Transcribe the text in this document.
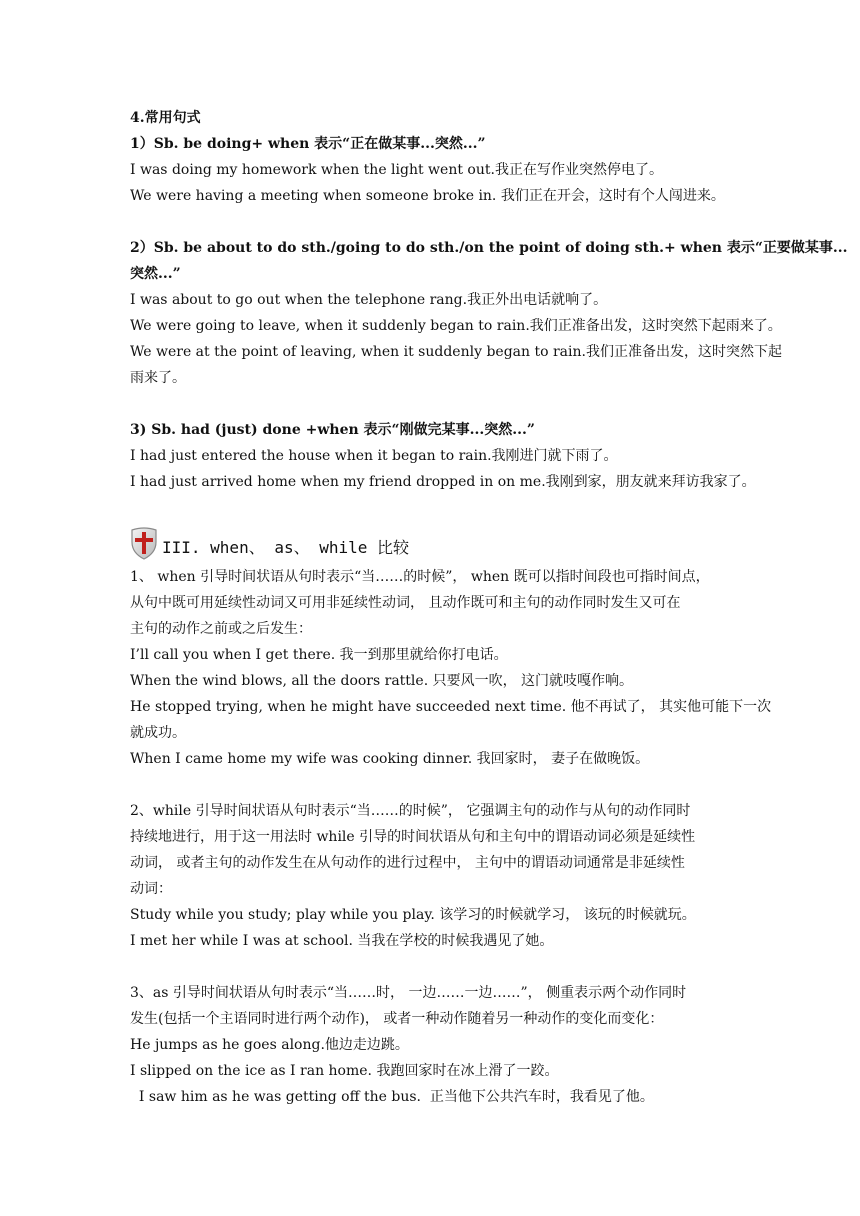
4.常用句式
1）Sb. be doing+ when 表示“正在做某事...突然...”
I was doing my homework when the light went out.我正在写作业突然停电了。
We were having a meeting when someone broke in. 我们正在开会，这时有个人闯进来。
2）Sb. be about to do sth./going to do sth./on the point of doing sth.+ when 表示“正要做某事...
突然...”
I was about to go out when the telephone rang.我正外出电话就响了。
We were going to leave, when it suddenly began to rain.我们正准备出发，这时突然下起雨来了。
We were at the point of leaving, when it suddenly began to rain.我们正准备出发，这时突然下起
雨来了。
3) Sb. had (just) done +when 表示“刚做完某事...突然...”
I had just entered the house when it began to rain.我刚进门就下雨了。
I had just arrived home when my friend dropped in on me.我刚到家，朋友就来拜访我家了。
III. when、 as、 while 比较
1、 when 引导时间状语从句时表示“当……的时候”， when 既可以指时间段也可指时间点，
从句中既可用延续性动词又可用非延续性动词， 且动作既可和主句的动作同时发生又可在
主句的动作之前或之后发生：
I’ll call you when I get there. 我一到那里就给你打电话。
When the wind blows, all the doors rattle. 只要风一吹， 这门就吱嘎作响。
He stopped trying, when he might have succeeded next time. 他不再试了， 其实他可能下一次
就成功。
When I came home my wife was cooking dinner. 我回家时， 妻子在做晚饭。
2、while 引导时间状语从句时表示“当……的时候”， 它强调主句的动作与从句的动作同时
持续地进行，用于这一用法时 while 引导的时间状语从句和主句中的谓语动词必须是延续性
动词， 或者主句的动作发生在从句动作的进行过程中， 主句中的谓语动词通常是非延续性
动词：
Study while you study; play while you play. 该学习的时候就学习， 该玩的时候就玩。
I met her while I was at school. 当我在学校的时候我遇见了她。
3、as 引导时间状语从句时表示“当……时， 一边……一边……”， 侧重表示两个动作同时
发生(包括一个主语同时进行两个动作)， 或者一种动作随着另一种动作的变化而变化：
He jumps as he goes along.他边走边跳。
I slipped on the ice as I ran home. 我跑回家时在冰上滑了一跤。
I saw him as he was getting off the bus.  正当他下公共汽车时，我看见了他。
